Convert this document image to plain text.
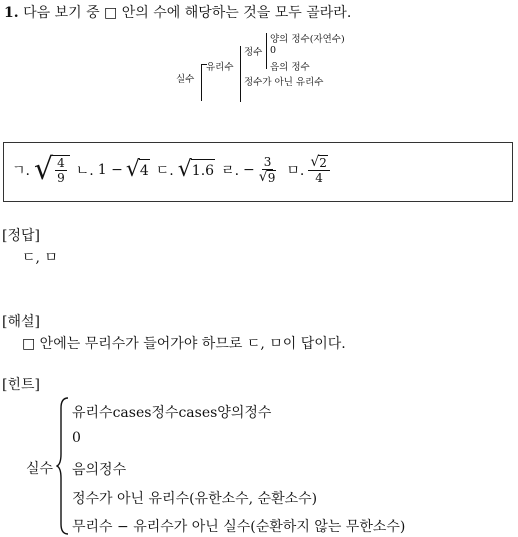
1. 다음 보기 중 □ 안의 수에 해당하는 것을 모두 골라라.
실수
유리수
정수
양의 정수(자연수)
0
음의 정수
정수가 아닌 유리수
ㄱ. √ $\frac{4}{9}$ ㄴ. 1 − √ 4 ㄷ. √ 1.6 ㄹ. − $\frac{3}{√ 9}$ ㅁ. $\frac{√ 2}{4}$
[정답]
ㄷ, ㅁ
[해설]
□ 안에는 무리수가 들어가야 하므로 ㄷ, ㅁ이 답이다.
[힌트]
실수
유리수cases정수cases양의정수
0
음의정수
정수가 아닌 유리수(유한소수, 순환소수)
무리수 − 유리수가 아닌 실수(순환하지 않는 무한소수)
